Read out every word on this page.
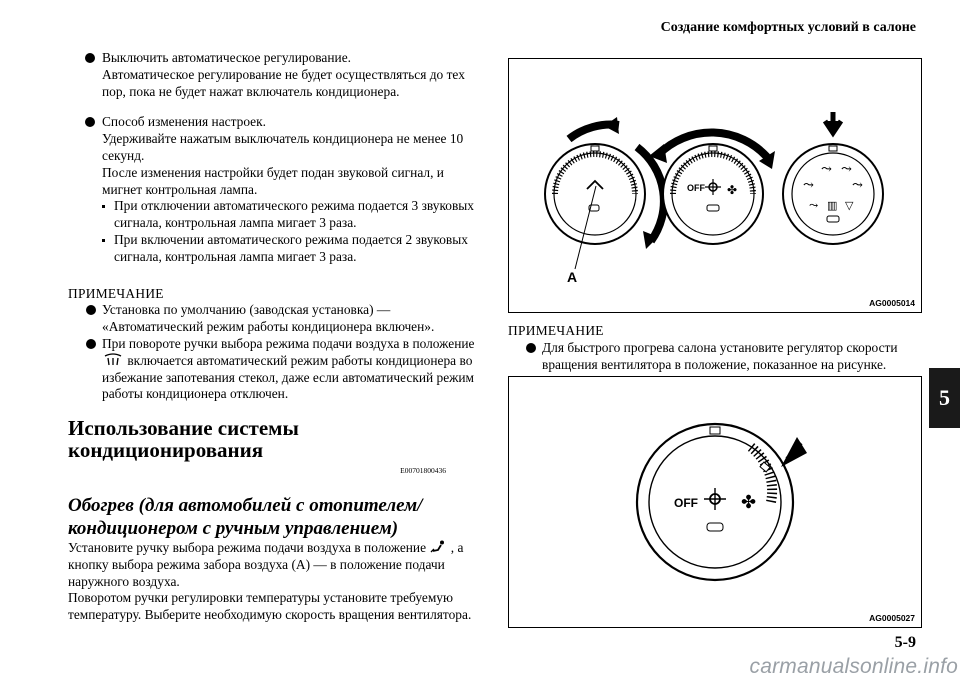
Создание комфортных условий в салоне
5-9
5
carmanualsonline.info
Выключить автоматическое регулирование.
Автоматическое регулирование не будет осуществляться до тех пор, пока не будет нажат включатель кондиционера.
Способ изменения настроек.
Удерживайте нажатым выключатель кондиционера не менее 10 секунд.
После изменения настройки будет подан звуковой сигнал, и мигнет контрольная лампа.
При отключении автоматического режима подается 3 звуковых сигнала, контрольная лампа мигает 3 раза.
При включении автоматического режима подается 2 звуковых сигнала, контрольная лампа мигает 3 раза.
ПРИМЕЧАНИЕ
Установка по умолчанию (заводская установка) — «Автоматический режим работы кондиционера включен».
При повороте ручки выбора режима подачи воздуха в положение  включается автоматический режим работы кондиционера во избежание запотевания стекол, даже если автоматический режим работы кондиционера отключен.
Использование системы кондиционирования
E00701800436
Обогрев (для автомобилей с отопителем/
кондиционером с ручным управлением)
Установите ручку выбора режима подачи воздуха в положение , а кнопку выбора режима забора воздуха (А) — в положение подачи наружного воздуха.
Поворотом ручки регулировки температуры установите требуемую температуру. Выберите необходимую скорость вращения вентилятора.
A
OFF ✤	⤳
⤳ ⤳
⤳
⤳ ▥ ▽
AG0005014
ПРИМЕЧАНИЕ
Для быстрого прогрева салона установите регулятор скорости вращения вентилятора в положение, показанное на рисунке.
OFF ✤
AG0005027
